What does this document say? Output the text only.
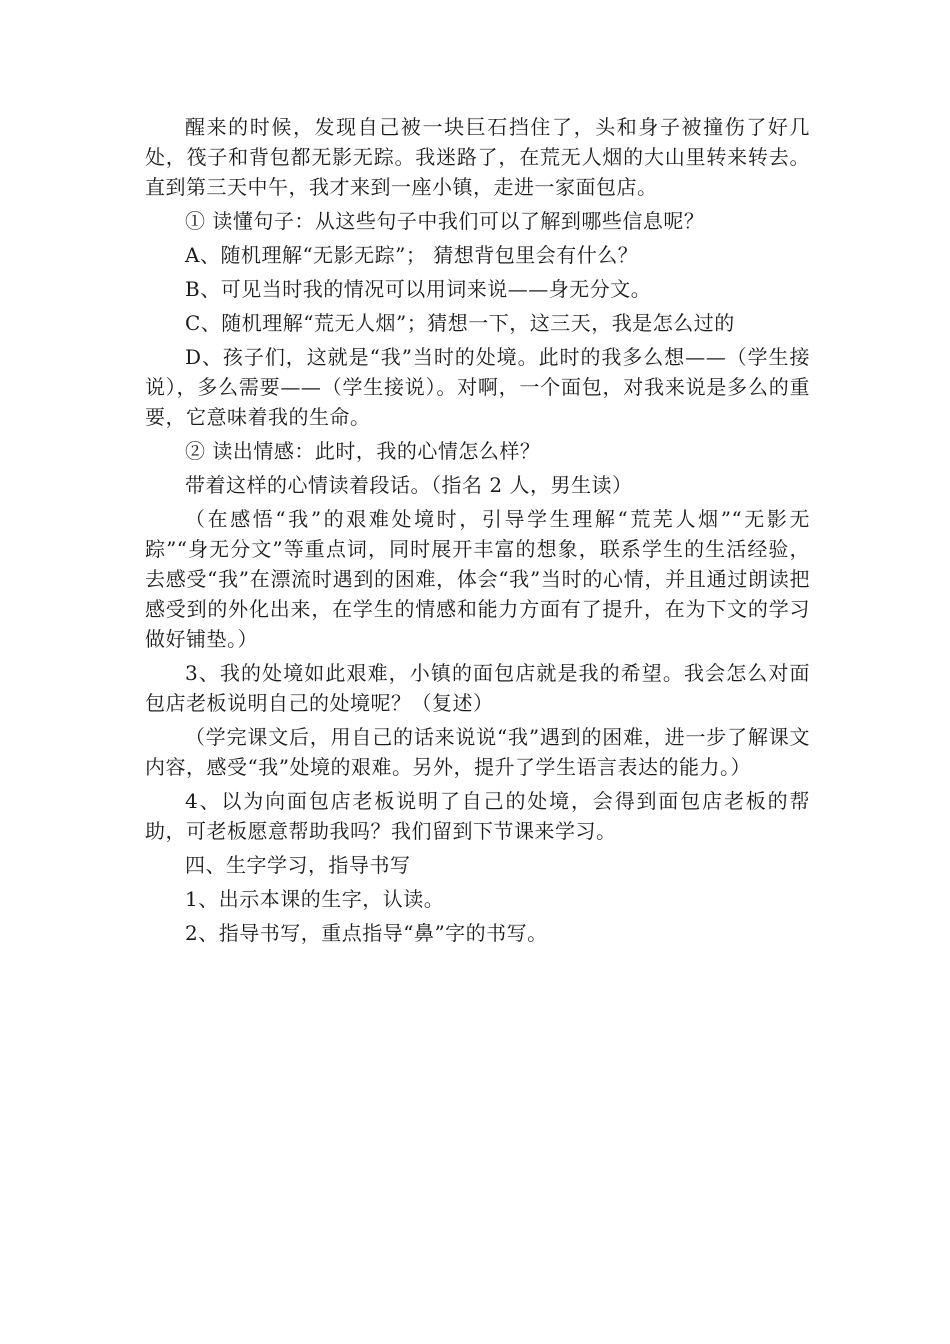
醒来的时候，发现自己被一块巨石挡住了，头和身子被撞伤了好几处，筏子和背包都无影无踪。我迷路了，在荒无人烟的大山里转来转去。直到第三天中午，我才来到一座小镇，走进一家面包店。

① 读懂句子：从这些句子中我们可以了解到哪些信息呢？

A、随机理解“无影无踪”； 猜想背包里会有什么？

B、可见当时我的情况可以用词来说——身无分文。

C、随机理解“荒无人烟”；猜想一下，这三天，我是怎么过的

D、孩子们，这就是“我”当时的处境。此时的我多么想——（学生接说），多么需要——（学生接说）。对啊，一个面包，对我来说是多么的重要，它意味着我的生命。

② 读出情感：此时，我的心情怎么样？

带着这样的心情读着段话。（指名 2 人，男生读）

（在感悟“我”的艰难处境时，引导学生理解“荒芜人烟”“无影无踪”“身无分文”等重点词，同时展开丰富的想象，联系学生的生活经验，去感受“我”在漂流时遇到的困难，体会“我”当时的心情，并且通过朗读把感受到的外化出来，在学生的情感和能力方面有了提升，在为下文的学习做好铺垫。）

3、我的处境如此艰难，小镇的面包店就是我的希望。我会怎么对面包店老板说明自己的处境呢？（复述）

（学完课文后，用自己的话来说说“我”遇到的困难，进一步了解课文内容，感受“我”处境的艰难。另外，提升了学生语言表达的能力。）

4、以为向面包店老板说明了自己的处境，会得到面包店老板的帮助，可老板愿意帮助我吗？我们留到下节课来学习。

四、生字学习，指导书写

1、出示本课的生字，认读。

2、指导书写，重点指导“鼻”字的书写。
